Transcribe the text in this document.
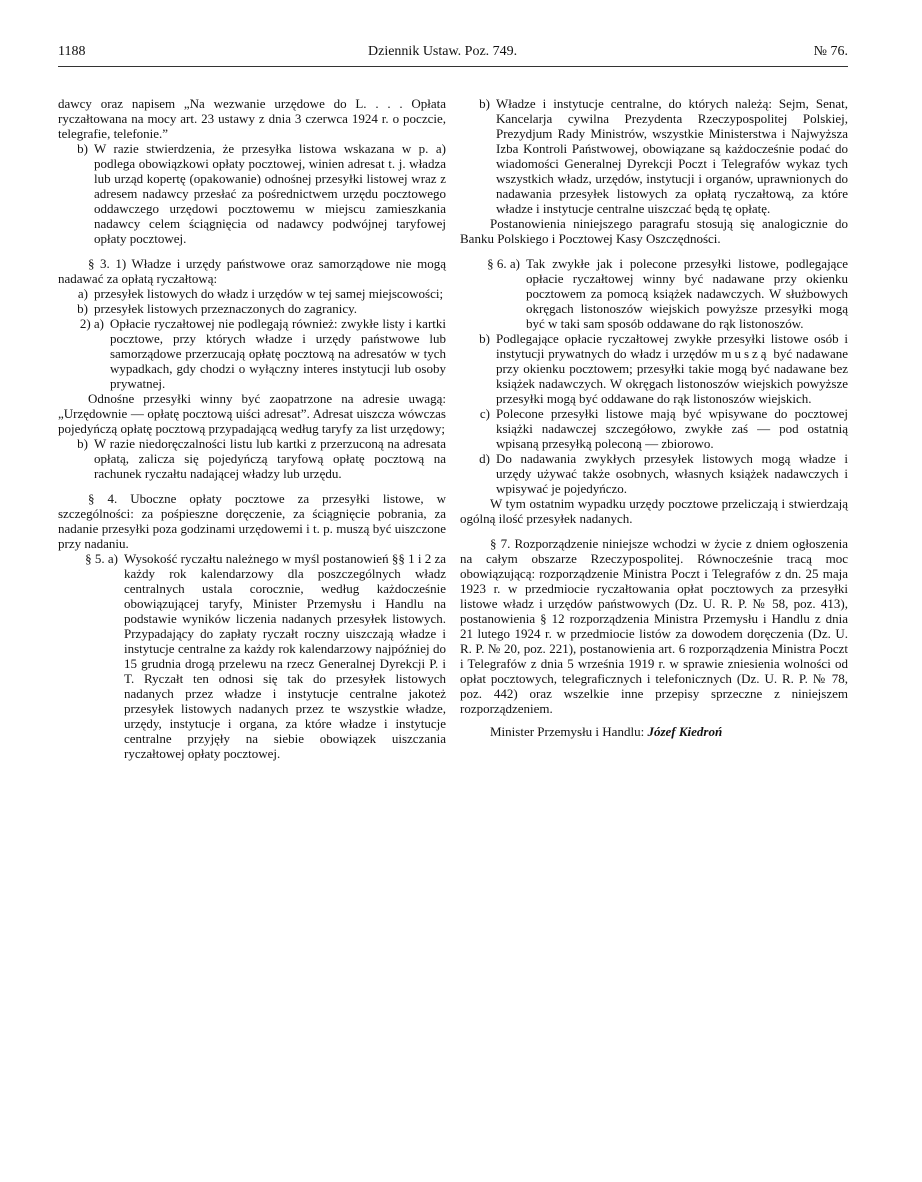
1188	Dziennik Ustaw. Poz. 749.	№ 76.

dawcy oraz napisem „Na wezwanie urzędowe do L. . . . Opłata ryczałtowana na mocy art. 23 ustawy z dnia 3 czerwca 1924 r. o poczcie, telegrafie, telefonie.”

b) W razie stwierdzenia, że przesyłka listowa wskazana w p. a) podlega obowiązkowi opłaty pocztowej, winien adresat t. j. władza lub urząd kopertę (opakowanie) odnośnej przesyłki listowej wraz z adresem nadawcy przesłać za pośrednictwem urzędu pocztowego oddawczego urzędowi pocztowemu w miejscu zamieszkania nadawcy celem ściągnięcia od nadawcy podwójnej taryfowej opłaty pocztowej.

§ 3. 1) Władze i urzędy państwowe oraz samorządowe nie mogą nadawać za opłatą ryczałtową:

a) przesyłek listowych do władz i urzędów w tej samej miejscowości;
b) przesyłek listowych przeznaczonych do zagranicy.
2) a) Opłacie ryczałtowej nie podlegają również: zwykłe listy i kartki pocztowe, przy których władze i urzędy państwowe lub samorządowe przerzucają opłatę pocztową na adresatów w tych wypadkach, gdy chodzi o wyłączny interes instytucji lub osoby prywatnej.

Odnośne przesyłki winny być zaopatrzone na adresie uwagą: „Urzędownie — opłatę pocztową uiści adresat”. Adresat uiszcza wówczas pojedyńczą opłatę pocztową przypadającą według taryfy za list urzędowy;

b) W razie niedoręczalności listu lub kartki z przerzuconą na adresata opłatą, zalicza się pojedyńczą taryfową opłatę pocztową na rachunek ryczałtu nadającej władzy lub urzędu.

§ 4. Uboczne opłaty pocztowe za przesyłki listowe, w szczególności: za pośpieszne doręczenie, za ściągnięcie pobrania, za nadanie przesyłki poza godzinami urzędowemi i t. p. muszą być uiszczone przy nadaniu.

§ 5. a) Wysokość ryczałtu należnego w myśl postanowień §§ 1 i 2 za każdy rok kalendarzowy dla poszczególnych władz centralnych ustala corocznie, według każdocześnie obowiązującej taryfy, Minister Przemysłu i Handlu na podstawie wyników liczenia nadanych przesyłek listowych. Przypadający do zapłaty ryczałt roczny uiszczają władze i instytucje centralne za każdy rok kalendarzowy najpóźniej do 15 grudnia drogą przelewu na rzecz Generalnej Dyrekcji P. i T. Ryczałt ten odnosi się tak do przesyłek listowych nadanych przez władze i instytucje centralne jakoteż przesyłek listowych nadanych przez te wszystkie władze, urzędy, instytucje i organa, za które władze i instytucje centralne przyjęły na siebie obowiązek uiszczania ryczałtowej opłaty pocztowej.
b) Władze i instytucje centralne, do których należą: Sejm, Senat, Kancelarja cywilna Prezydenta Rzeczypospolitej Polskiej, Prezydjum Rady Ministrów, wszystkie Ministerstwa i Najwyższa Izba Kontroli Państwowej, obowiązane są każdocześnie podać do wiadomości Generalnej Dyrekcji Poczt i Telegrafów wykaz tych wszystkich władz, urzędów, instytucji i organów, uprawnionych do nadawania przesyłek listowych za opłatą ryczałtową, za które władze i instytucje centralne uiszczać będą tę opłatę.

Postanowienia niniejszego paragrafu stosują się analogicznie do Banku Polskiego i Pocztowej Kasy Oszczędności.

§ 6. a) Tak zwykłe jak i polecone przesyłki listowe, podlegające opłacie ryczałtowej winny być nadawane przy okienku pocztowem za pomocą książek nadawczych. W służbowych okręgach listonoszów wiejskich powyższe przesyłki mogą być w taki sam sposób oddawane do rąk listonoszów.
b) Podlegające opłacie ryczałtowej zwykłe przesyłki listowe osób i instytucji prywatnych do władz i urzędów muszą być nadawane przy okienku pocztowem; przesyłki takie mogą być nadawane bez książek nadawczych. W okręgach listonoszów wiejskich powyższe przesyłki mogą być oddawane do rąk listonoszów wiejskich.
c) Polecone przesyłki listowe mają być wpisywane do pocztowej książki nadawczej szczegółowo, zwykłe zaś — pod ostatnią wpisaną przesyłką poleconą — zbiorowo.
d) Do nadawania zwykłych przesyłek listowych mogą władze i urzędy używać także osobnych, własnych książek nadawczych i wpisywać je pojedyńczo.

W tym ostatnim wypadku urzędy pocztowe przeliczają i stwierdzają ogólną ilość przesyłek nadanych.

§ 7. Rozporządzenie niniejsze wchodzi w życie z dniem ogłoszenia na całym obszarze Rzeczypospolitej. Równocześnie tracą moc obowiązującą: rozporządzenie Ministra Poczt i Telegrafów z dn. 25 maja 1923 r. w przedmiocie ryczałtowania opłat pocztowych za przesyłki listowe władz i urzędów państwowych (Dz. U. R. P. № 58, poz. 413), postanowienia § 12 rozporządzenia Ministra Przemysłu i Handlu z dnia 21 lutego 1924 r. w przedmiocie listów za dowodem doręczenia (Dz. U. R. P. № 20, poz. 221), postanowienia art. 6 rozporządzenia Ministra Poczt i Telegrafów z dnia 5 września 1919 r. w sprawie zniesienia wolności od opłat pocztowych, telegraficznych i telefonicznych (Dz. U. R. P. № 78, poz. 442) oraz wszelkie inne przepisy sprzeczne z niniejszem rozporządzeniem.

Minister Przemysłu i Handlu: Józef Kiedroń
